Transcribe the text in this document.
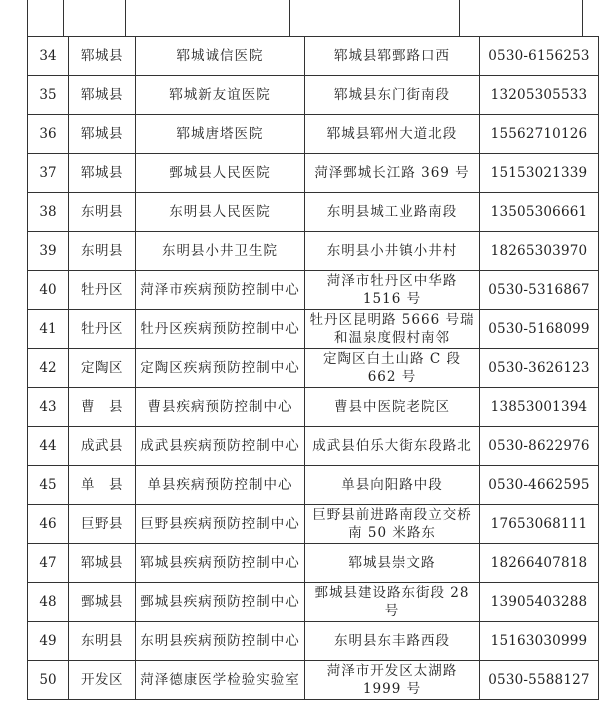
34	郓城县	郓城诚信医院	郓城县郓鄄路口西	0530-6156253
35	郓城县	郓城新友谊医院	郓城县东门街南段	13205305533
36	郓城县	郓城唐塔医院	郓城县郓州大道北段	15562710126
37	郓城县	鄄城县人民医院	菏泽鄄城长江路 369 号	15153021339
38	东明县	东明县人民医院	东明县城工业路南段	13505306661
39	东明县	东明县小井卫生院	东明县小井镇小井村	18265303970
40	牡丹区	菏泽市疾病预防控制中心	菏泽市牡丹区中华路 1516 号	0530-5316867
41	牡丹区	牡丹区疾病预防控制中心	牡丹区昆明路 5666 号瑞和温泉度假村南邻	0530-5168099
42	定陶区	定陶区疾病预防控制中心	定陶区白土山路 C 段 662 号	0530-3626123
43	曹　县	曹县疾病预防控制中心	曹县中医院老院区	13853001394
44	成武县	成武县疾病预防控制中心	成武县伯乐大街东段路北	0530-8622976
45	单　县	单县疾病预防控制中心	单县向阳路中段	0530-4662595
46	巨野县	巨野县疾病预防控制中心	巨野县前进路南段立交桥南 50 米路东	17653068111
47	郓城县	郓城县疾病预防控制中心	郓城县崇文路	18266407818
48	鄄城县	鄄城县疾病预防控制中心	鄄城县建设路东街段 28 号	13905403288
49	东明县	东明县疾病预防控制中心	东明县东丰路西段	15163030999
50	开发区	菏泽德康医学检验实验室	菏泽市开发区太湖路 1999 号	0530-5588127
